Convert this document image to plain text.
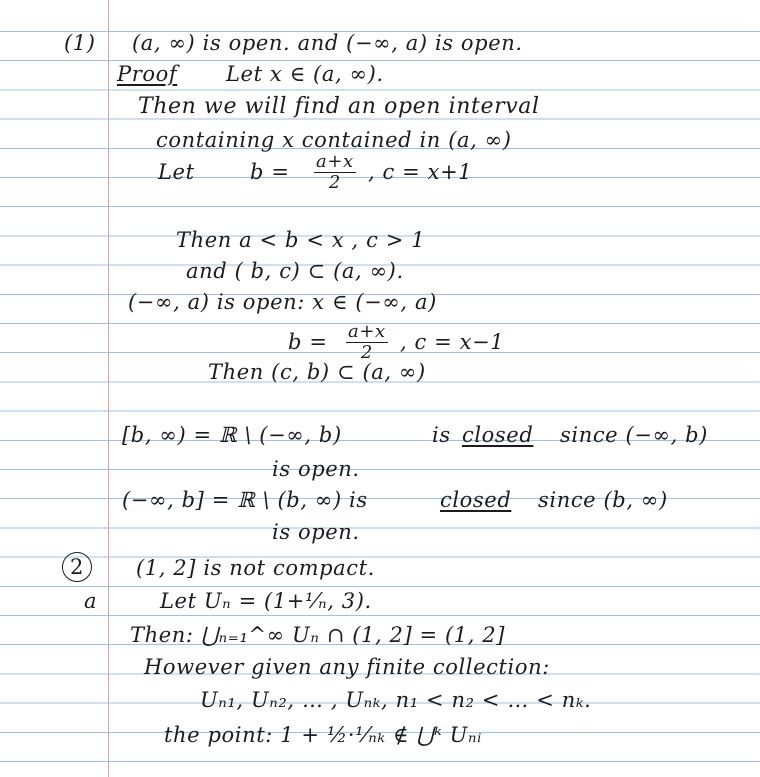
(1) (a, ∞) is open. and (−∞, a) is open.
Proof Let x ∈ (a, ∞).
Then we will find an open interval
containing x contained in (a, ∞)
Let	$b = \frac{a+x}{2}$ , c = x+1
Then a < b < x , c > 1
and ( b, c) ⊂ (a, ∞).
(−∞, a) is open: x ∈ (−∞, a)
$b = \frac{a+x}{2}$ , c = x−1
Then (c, b) ⊂ (a, ∞)
[b, ∞) = ℝ \ (−∞, b)	is closed since (−∞, b)
is open.
(−∞, b] = ℝ \ (b, ∞) is	closed since (b, ∞)
is open.
2	(1, 2] is not compact.
a	Let Uₙ = (1+¹⁄ₙ, 3).
Then: ⋃ₙ₌₁^∞ Uₙ ∩ (1, 2] = (1, 2]
However given any finite collection:
Uₙ₁, Uₙ₂, … , Uₙₖ, n₁ < n₂ < … < nₖ.
the point: 1 + ½·¹⁄ₙₖ ∉ ⋃ᵏ Uₙᵢ
